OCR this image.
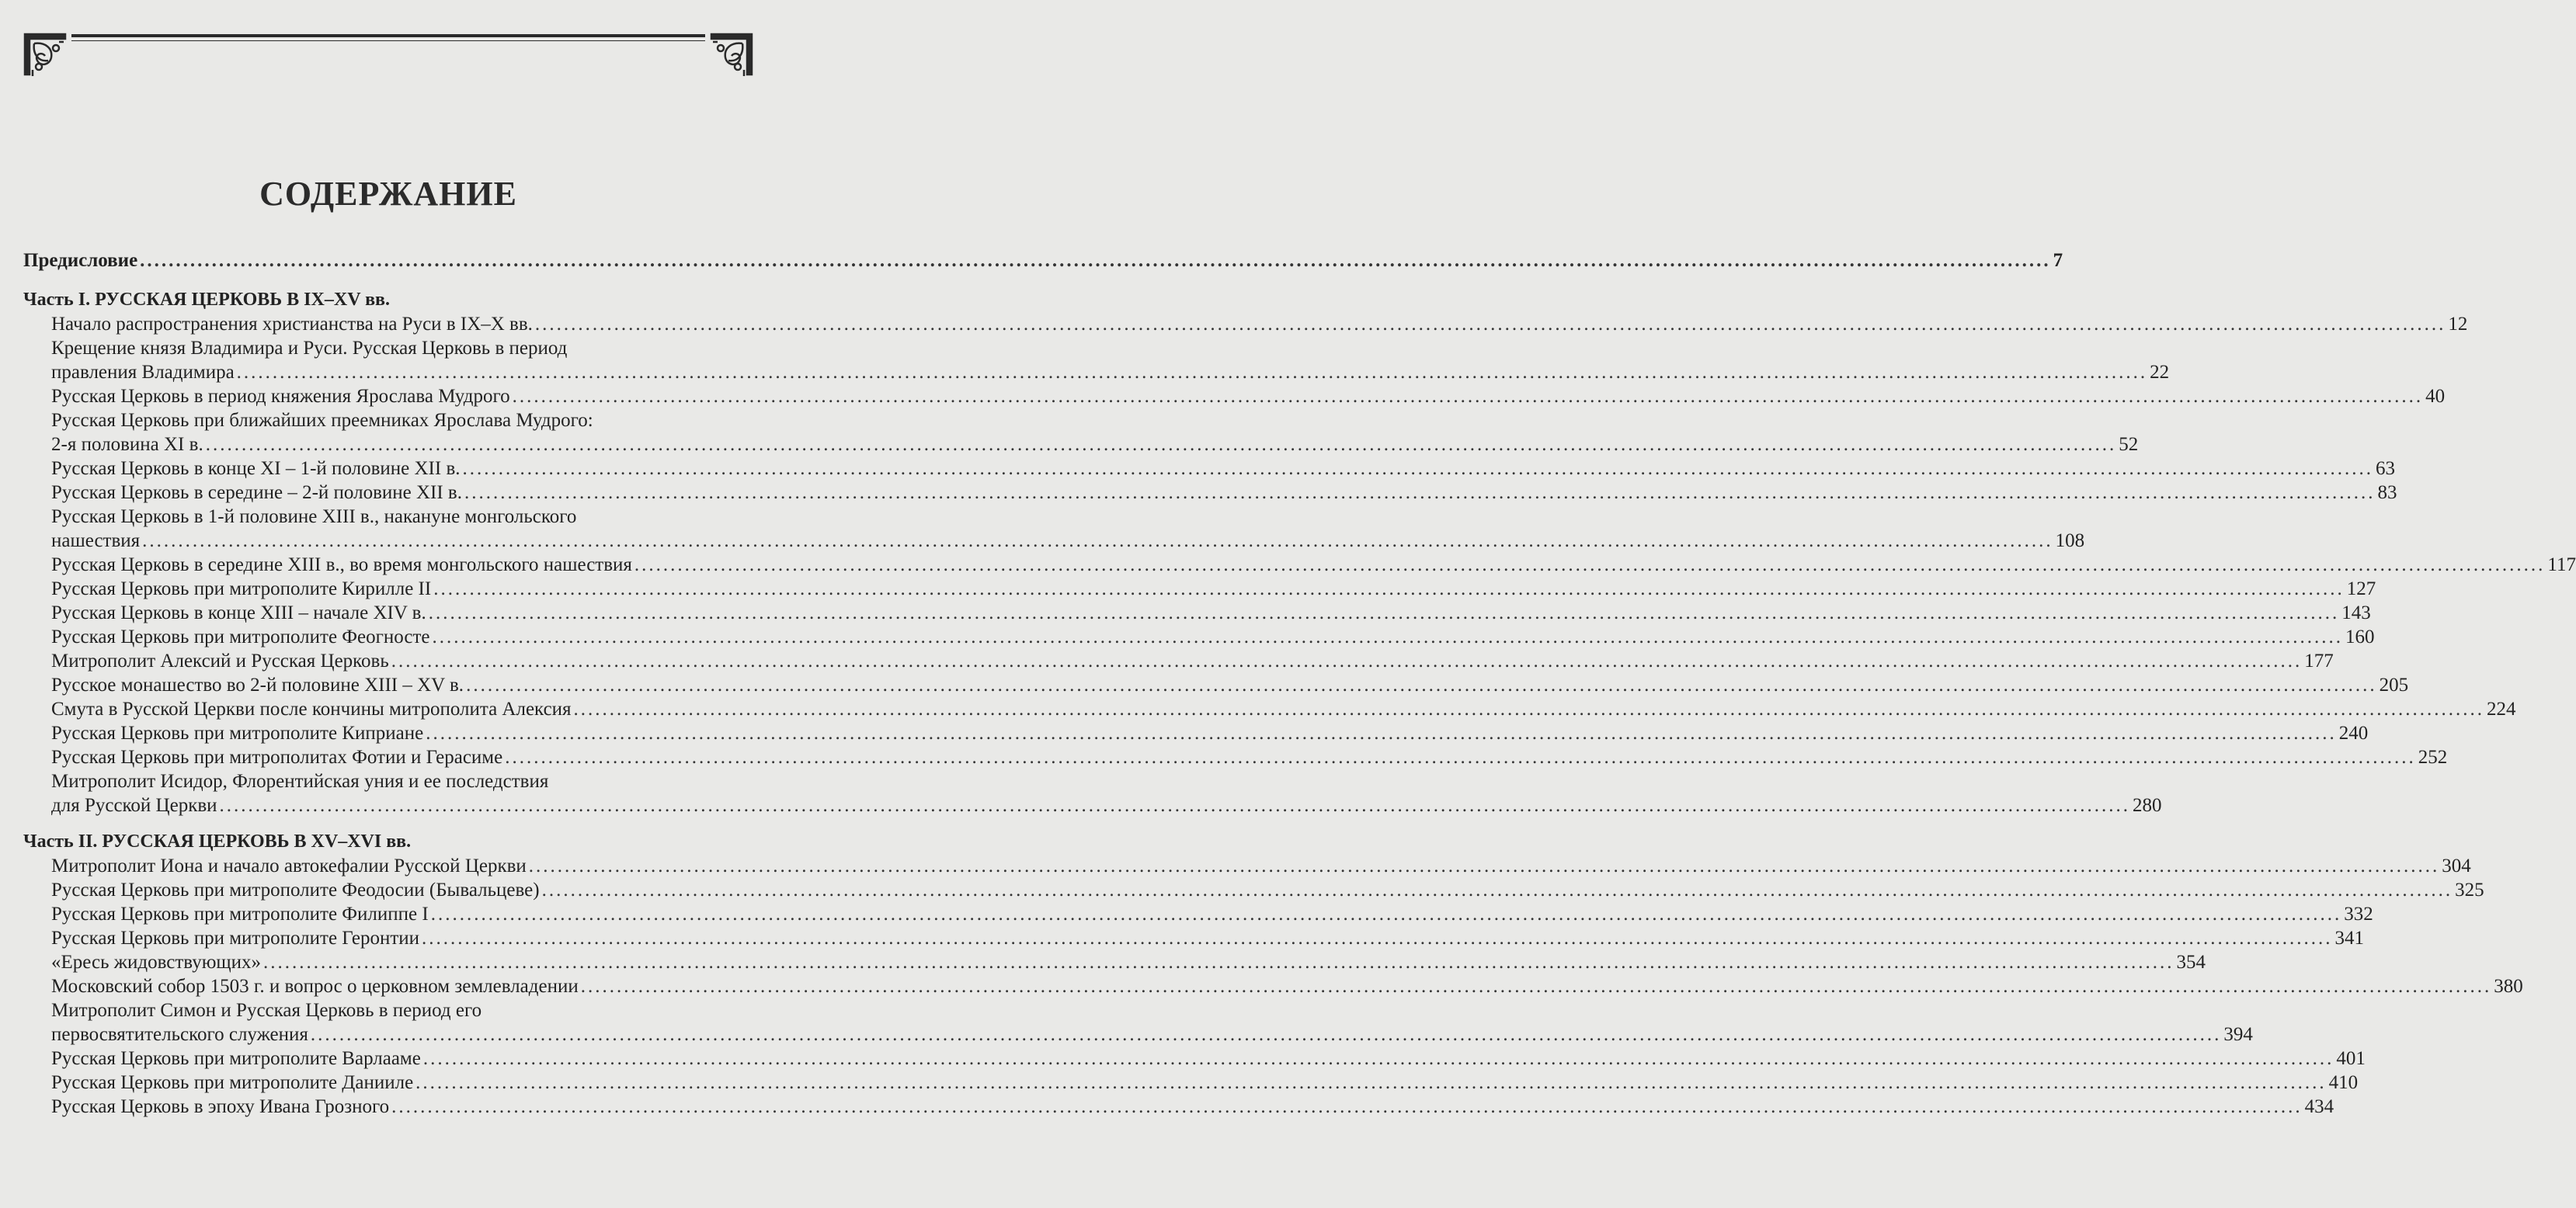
СОДЕРЖАНИЕ
Предисловие .....	7
Часть I. РУССКАЯ ЦЕРКОВЬ В IX–XV вв.
Начало распространения христианства на Руси в IX–X вв. .....	12
Крещение князя Владимира и Руси. Русская Церковь в период
правления Владимира .....	22
Русская Церковь в период княжения Ярослава Мудрого .....	40
Русская Церковь при ближайших преемниках Ярослава Мудрого:
2-я половина XI в. .....	52
Русская Церковь в конце XI – 1-й половине XII в. .....	63
Русская Церковь в середине – 2-й половине XII в. .....	83
Русская Церковь в 1-й половине XIII в., накануне монгольского
нашествия .....	108
Русская Церковь в середине XIII в., во время монгольского нашествия .....	117
Русская Церковь при митрополите Кирилле II .....	127
Русская Церковь в конце XIII – начале XIV в. .....	143
Русская Церковь при митрополите Феогносте .....	160
Митрополит Алексий и Русская Церковь .....	177
Русское монашество во 2-й половине XIII – XV в. .....	205
Смута в Русской Церкви после кончины митрополита Алексия .....	224
Русская Церковь при митрополите Киприане .....	240
Русская Церковь при митрополитах Фотии и Герасиме .....	252
Митрополит Исидор, Флорентийская уния и ее последствия
для Русской Церкви .....	280
Часть II. РУССКАЯ ЦЕРКОВЬ В XV–XVI вв.
Митрополит Иона и начало автокефалии Русской Церкви .....	304
Русская Церковь при митрополите Феодосии (Бывальцеве) .....	325
Русская Церковь при митрополите Филиппе I .....	332
Русская Церковь при митрополите Геронтии .....	341
«Ересь жидовствующих» .....	354
Московский собор 1503 г. и вопрос о церковном землевладении .....	380
Митрополит Симон и Русская Церковь в период его
первосвятительского служения .....	394
Русская Церковь при митрополите Варлааме .....	401
Русская Церковь при митрополите Данииле .....	410
Русская Церковь в эпоху Ивана Грозного .....	434
